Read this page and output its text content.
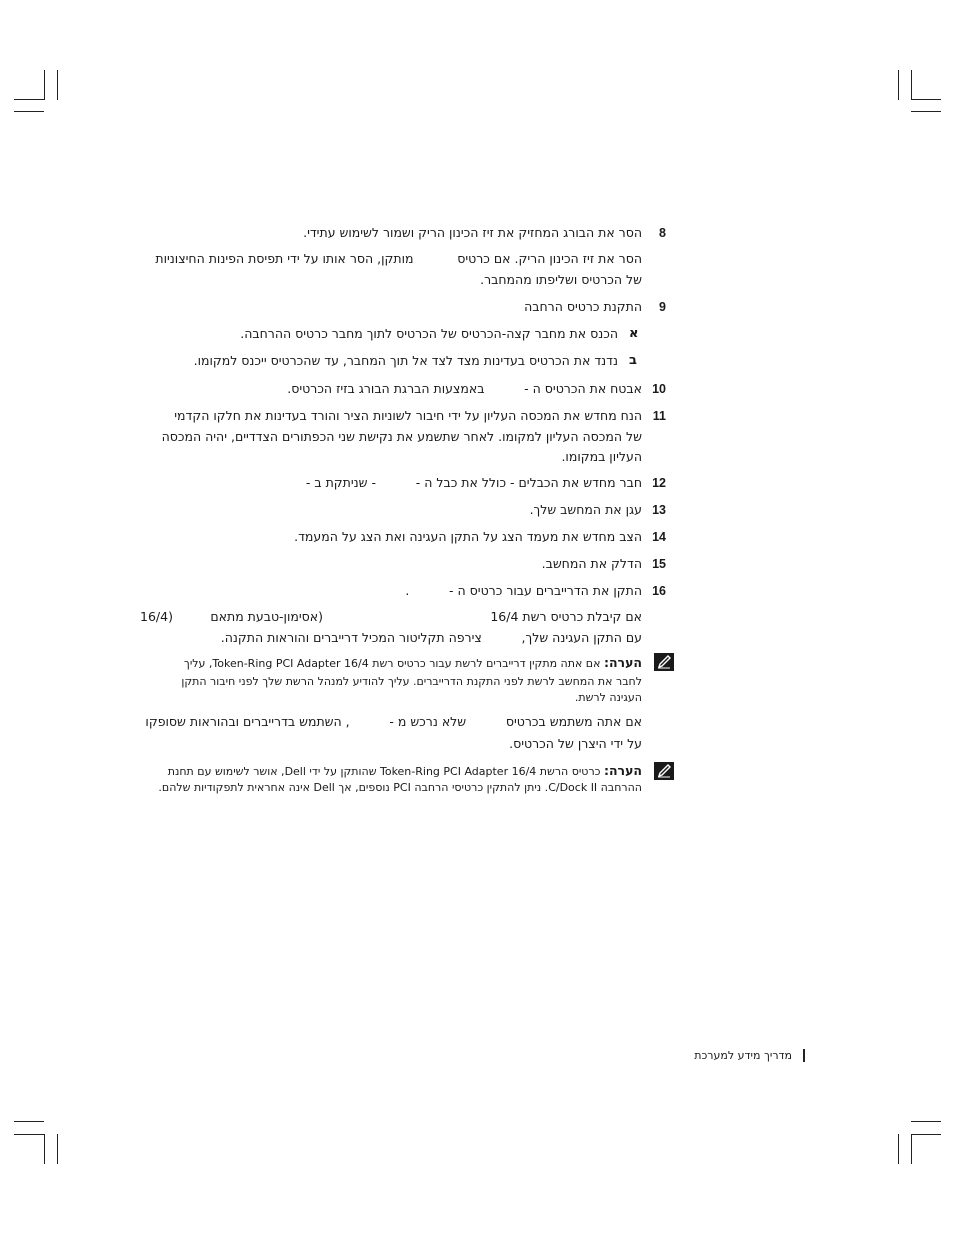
8
הסר את הבורג המחזיק את זיז הכינון הריק ושמור לשימוש עתידי.
הסר את זיז הכינון הריק. אם כרטיס           מותקן, הסר אותו על ידי תפיסת הפינות החיצוניות
של הכרטיס ושליפתו מהמחבר.
9
התקנת כרטיס הרחבה
א
הכנס את מחבר קצה-הכרטיס של הכרטיס לתוך מחבר כרטיס ההרחבה.
ב
נדנד את הכרטיס בעדינות מצד לצד אל תוך המחבר, עד שהכרטיס ייכנס למקומו.
10
אבטח את הכרטיס ה -          באמצעות הברגת הבורג בזיז הכרטיס.
11
הנח מחדש את המכסה העליון על ידי חיבור לשוניות הציר והורד בעדינות את חלקו הקדמי
של המכסה העליון למקומו. לאחר שתשמע את נקישת שני הכפתורים הצדדיים, יהיה המכסה
העליון במקומו.
12
חבר מחדש את הכבלים - כולל את כבל ה -          - שניתקת ב -
13
עגן את המחשב שלך.
14
הצב מחדש את מעמד הצג על התקן העגינה ואת הצג על המעמד.
15
הדלק את המחשב.
16
התקן את הדרייברים עבור כרטיס ה -          .
אם קיבלת כרטיס רשת 16/4
(אסימון-טבעת מתאם
(16/4
עם התקן העגינה שלך,          צירפה תקליטור המכיל דרייברים והוראות התקנה.
הערה: אם אתה מתקין דרייברים לרשת עבור כרטיס רשת Token-Ring PCI Adapter 16/4, עליך
לחבר את המחשב לרשת לפני התקנת הדרייברים. עליך להודיע למנהל הרשת שלך לפני חיבור התקן
העגינה לרשת.
אם אתה משתמש בכרטיס          שלא נרכש מ -          , השתמש בדרייברים ובהוראות שסופקו
על ידי היצרן של הכרטיס.
הערה: כרטיס הרשת Token-Ring PCI Adapter 16/4 שהותקן על ידי Dell, אושר לשימוש עם תחנת
ההרחבה C/Dock II. ניתן להתקין כרטיסי הרחבה PCI נוספים, אך Dell אינה אחראית לתפקודיות שלהם.
מדריך מידע למערכת
